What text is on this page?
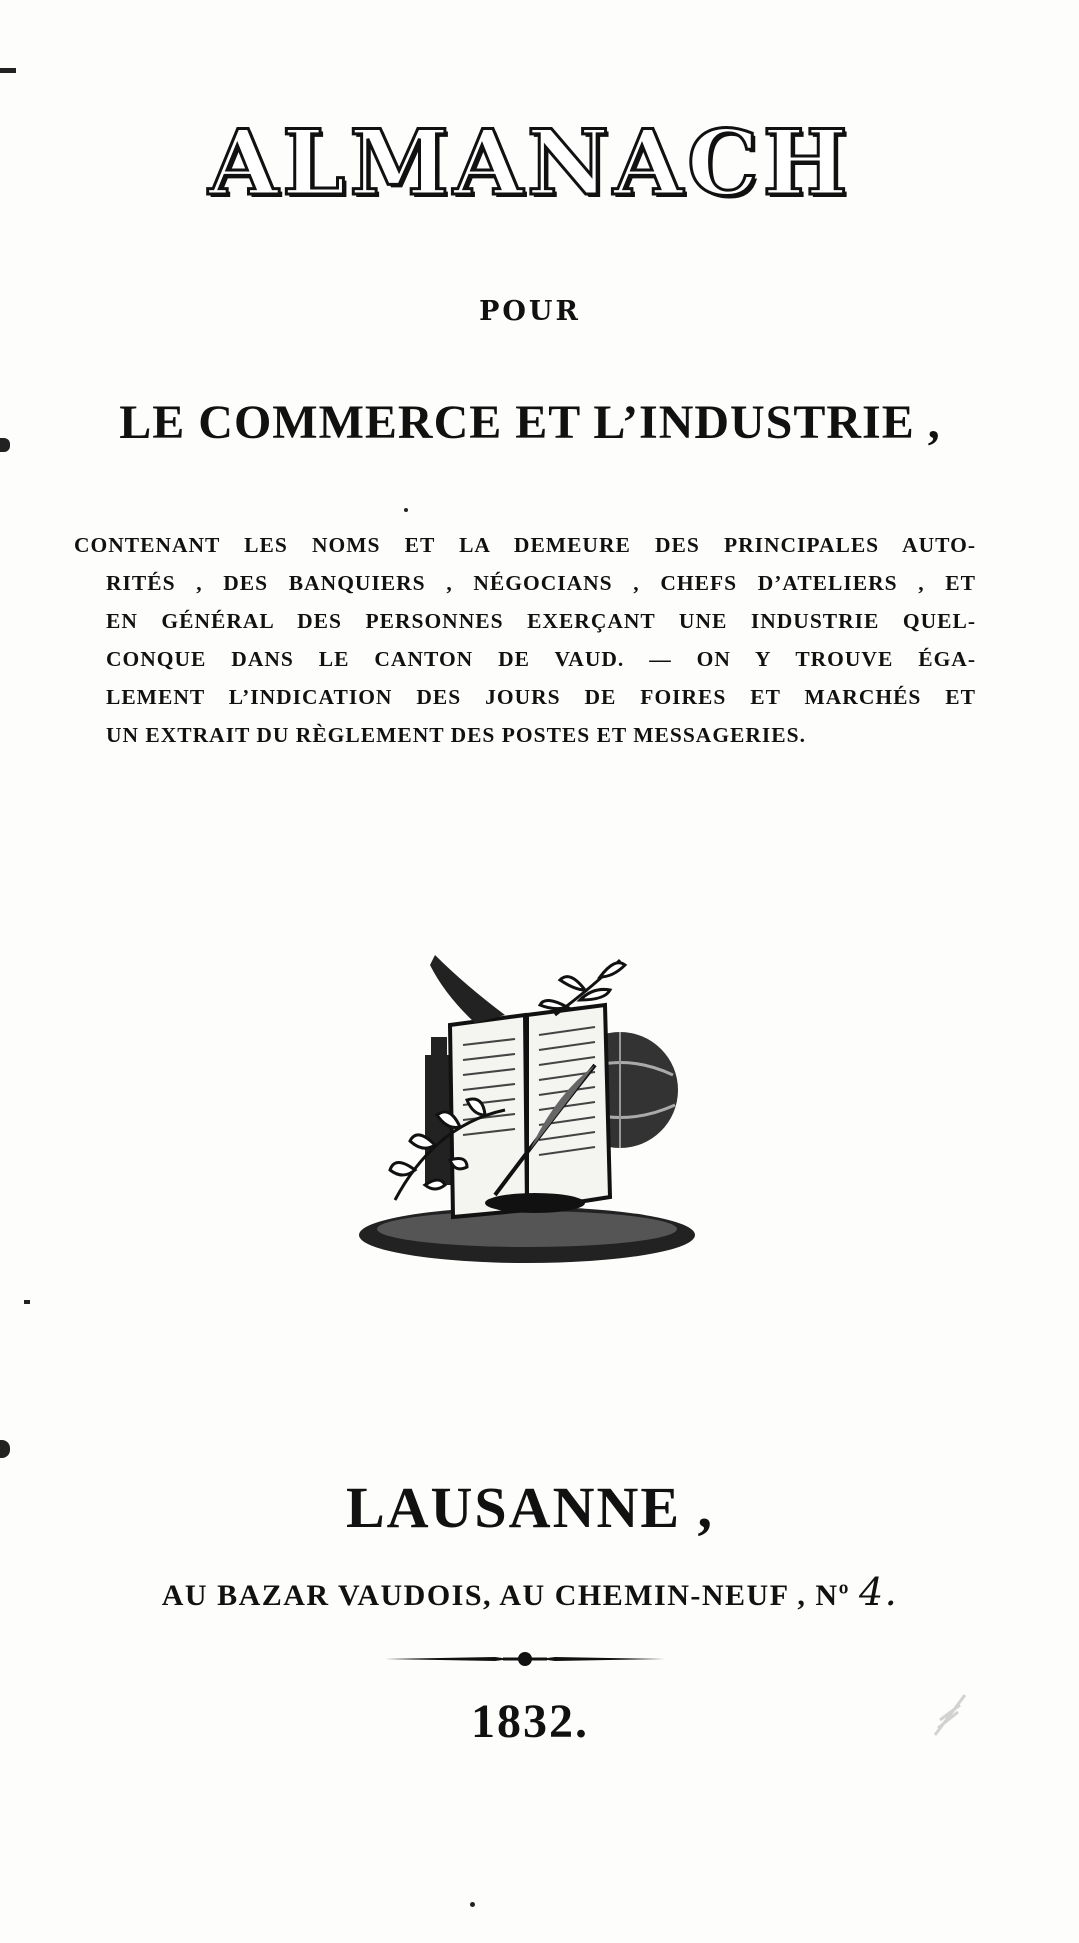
ALMANACH
POUR
LE COMMERCE ET L’INDUSTRIE ,
CONTENANT LES NOMS ET LA DEMEURE DES PRINCIPALES AUTO-
RITÉS , DES BANQUIERS , NÉGOCIANS , CHEFS D’ATELIERS , ET
EN GÉNÉRAL DES PERSONNES EXERÇANT UNE INDUSTRIE QUEL-
CONQUE DANS LE CANTON DE VAUD. — ON Y TROUVE ÉGA-
LEMENT L’INDICATION DES JOURS DE FOIRES ET MARCHÉS ET
UN EXTRAIT DU RÈGLEMENT DES POSTES ET MESSAGERIES.
LAUSANNE ,
AU BAZAR VAUDOIS, AU CHEMIN-NEUF , Nº 4.
1832.
